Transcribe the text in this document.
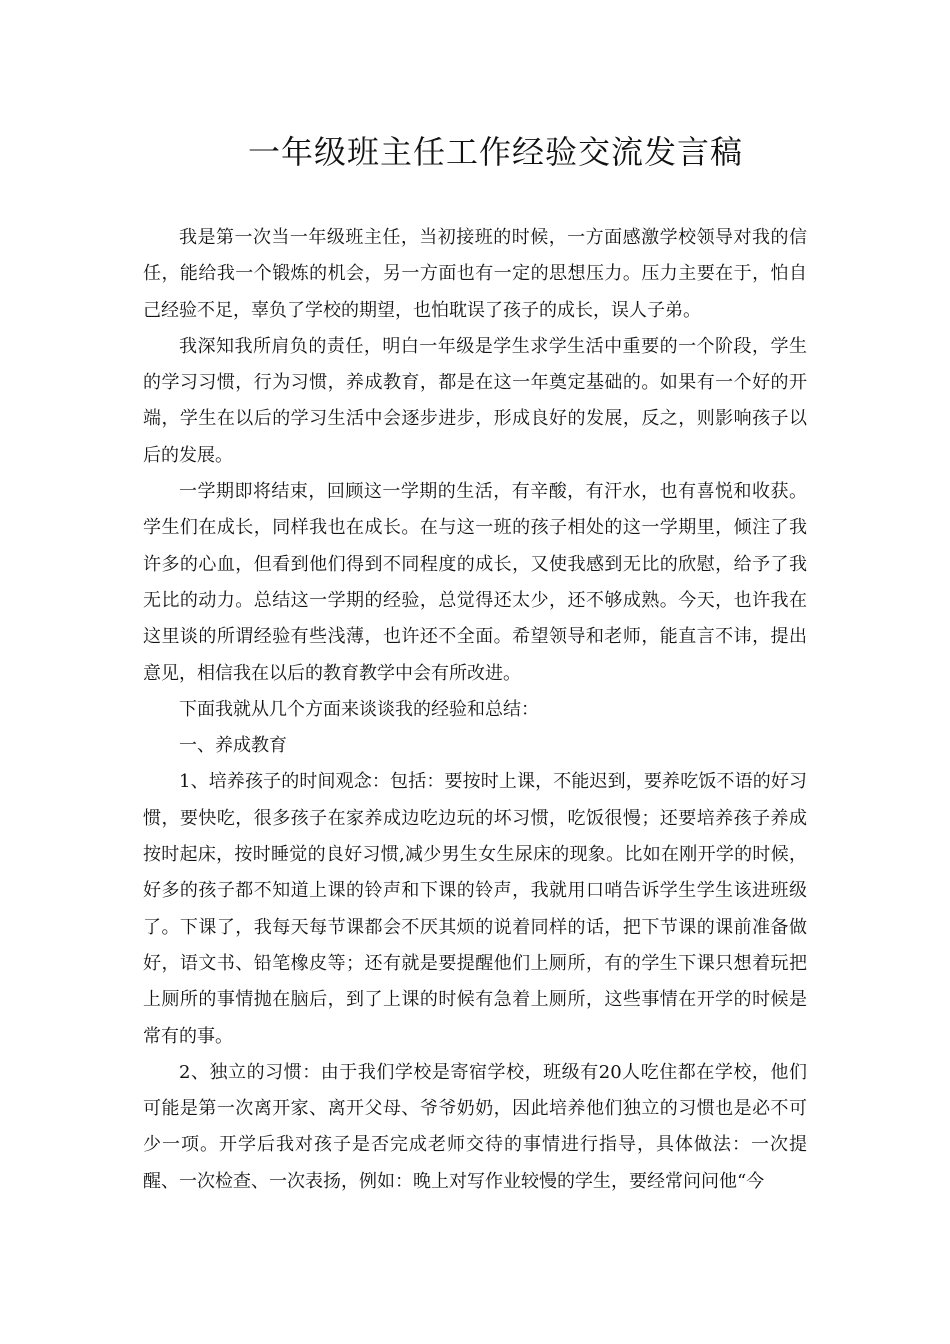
一年级班主任工作经验交流发言稿

我是第一次当一年级班主任，当初接班的时候，一方面感激学校领导对我的信任，能给我一个锻炼的机会，另一方面也有一定的思想压力。压力主要在于，怕自己经验不足，辜负了学校的期望，也怕耽误了孩子的成长，误人子弟。

我深知我所肩负的责任，明白一年级是学生求学生活中重要的一个阶段，学生的学习习惯，行为习惯，养成教育，都是在这一年奠定基础的。如果有一个好的开端，学生在以后的学习生活中会逐步进步，形成良好的发展，反之，则影响孩子以后的发展。

一学期即将结束，回顾这一学期的生活，有辛酸，有汗水，也有喜悦和收获。学生们在成长，同样我也在成长。在与这一班的孩子相处的这一学期里，倾注了我许多的心血，但看到他们得到不同程度的成长，又使我感到无比的欣慰，给予了我无比的动力。总结这一学期的经验，总觉得还太少，还不够成熟。今天，也许我在这里谈的所谓经验有些浅薄，也许还不全面。希望领导和老师，能直言不讳，提出意见，相信我在以后的教育教学中会有所改进。

下面我就从几个方面来谈谈我的经验和总结：

一、养成教育

1、培养孩子的时间观念：包括：要按时上课，不能迟到，要养吃饭不语的好习惯，要快吃，很多孩子在家养成边吃边玩的坏习惯，吃饭很慢；还要培养孩子养成按时起床，按时睡觉的良好习惯,减少男生女生尿床的现象。比如在刚开学的时候，好多的孩子都不知道上课的铃声和下课的铃声，我就用口哨告诉学生学生该进班级了。下课了，我每天每节课都会不厌其烦的说着同样的话，把下节课的课前准备做好，语文书、铅笔橡皮等；还有就是要提醒他们上厕所，有的学生下课只想着玩把上厕所的事情抛在脑后，到了上课的时候有急着上厕所，这些事情在开学的时候是常有的事。

2、独立的习惯：由于我们学校是寄宿学校，班级有20人吃住都在学校，他们可能是第一次离开家、离开父母、爷爷奶奶，因此培养他们独立的习惯也是必不可少一项。开学后我对孩子是否完成老师交待的事情进行指导，具体做法：一次提醒、一次检查、一次表扬，例如：晚上对写作业较慢的学生，要经常问问他“今
